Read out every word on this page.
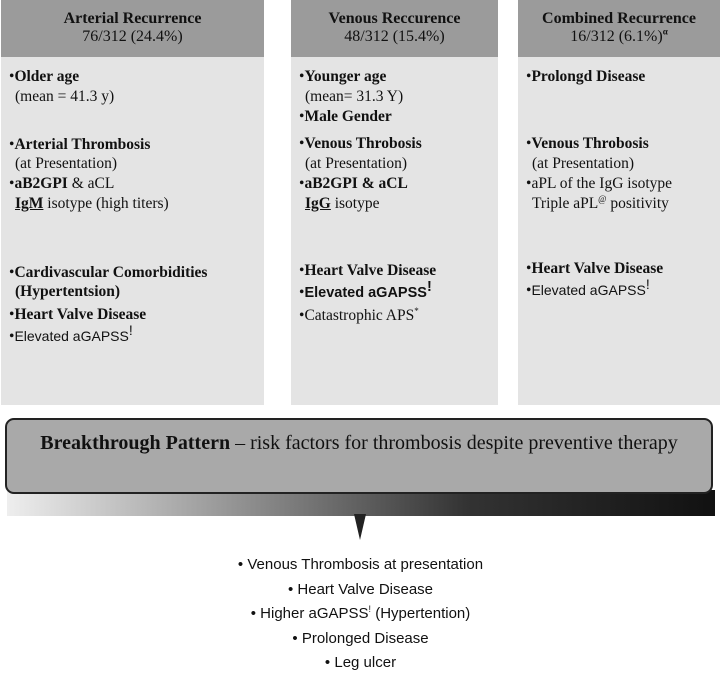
Arterial Recurrence
76/312 (24.4%)
•Older age
(mean = 41.3 y)
•Arterial Thrombosis
(at Presentation)
•aB2GPI & aCL
IgM isotype (high titers)
•Cardivascular Comorbidities
(Hypertentsion)
•Heart Valve Disease
•Elevated aGAPSS!
Venous Reccurence
48/312 (15.4%)
•Younger age
(mean= 31.3 Y)
•Male Gender
•Venous Throbosis
(at Presentation)
•aB2GPI & aCL
IgG isotype
•Heart Valve Disease
•Elevated aGAPSS!
•Catastrophic APS*
Combined Recurrence
16/312 $(6.1\%)^\alpha$
•Prolongd Disease
•Venous Throbosis
(at Presentation)
•aPL of the IgG isotype
Triple aPL@ positivity
•Heart Valve Disease
•Elevated aGAPSS!
Breakthrough Pattern – risk factors for thrombosis despite preventive therapy
• Venous Thrombosis at presentation
• Heart Valve Disease
• Higher aGAPSS! (Hypertention)
• Prolonged Disease
• Leg ulcer
